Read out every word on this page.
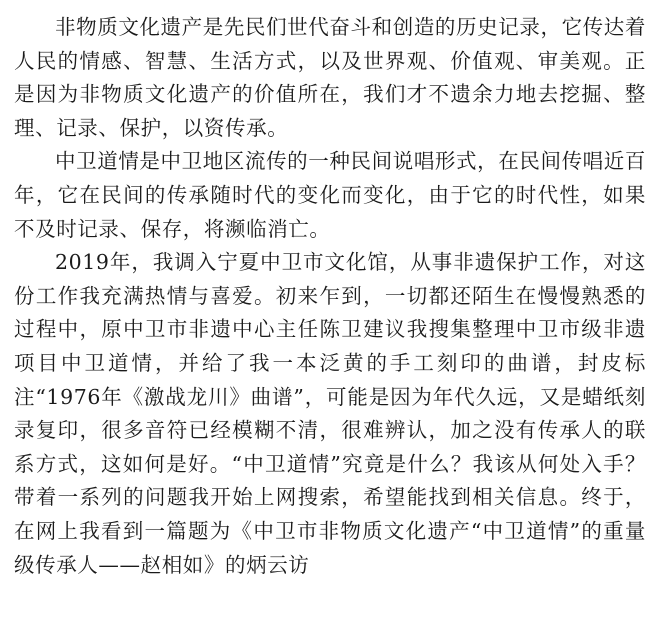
非物质文化遗产是先民们世代奋斗和创造的历史记录，它传达着人民的情感、智慧、生活方式，以及世界观、价值观、审美观。正是因为非物质文化遗产的价值所在，我们才不遗余力地去挖掘、整理、记录、保护，以资传承。

中卫道情是中卫地区流传的一种民间说唱形式，在民间传唱近百年，它在民间的传承随时代的变化而变化，由于它的时代性，如果不及时记录、保存，将濒临消亡。

2019年，我调入宁夏中卫市文化馆，从事非遗保护工作，对这份工作我充满热情与喜爱。初来乍到，一切都还陌生在慢慢熟悉的过程中，原中卫市非遗中心主任陈卫建议我搜集整理中卫市级非遗项目中卫道情，并给了我一本泛黄的手工刻印的曲谱，封皮标注“1976年《激战龙川》曲谱”，可能是因为年代久远，又是蜡纸刻录复印，很多音符已经模糊不清，很难辨认，加之没有传承人的联系方式，这如何是好。“中卫道情”究竟是什么？我该从何处入手？带着一系列的问题我开始上网搜索，希望能找到相关信息。终于，在网上我看到一篇题为《中卫市非物质文化遗产“中卫道情”的重量级传承人——赵相如》的炳云访
